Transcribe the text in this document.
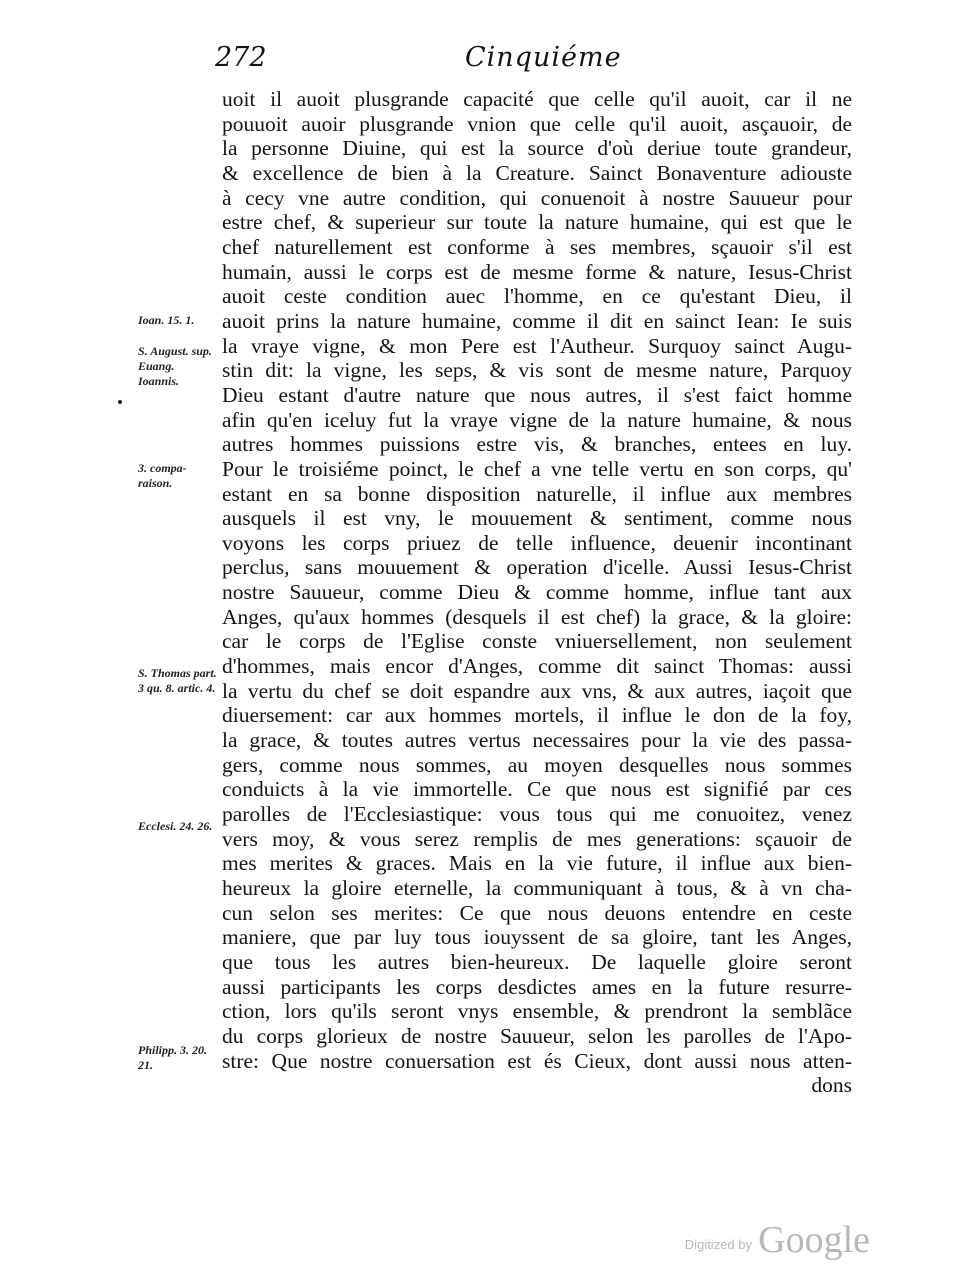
272	Cinquiéme
Ioan. 15. 1.
S. August. sup. Euang. Ioannis.
3. compa-raison.
S. Thomas part. 3 qu. 8. artic. 4.
Ecclesi. 24. 26.
Philipp. 3. 20. 21.
uoit il auoit plusgrande capacité que celle qu'il auoit, car il ne
pouuoit auoir plusgrande vnion que celle qu'il auoit, asçauoir, de
la personne Diuine, qui est la source d'où deriue toute grandeur,
& excellence de bien à la Creature. Sainct Bonaventure adiouste
à cecy vne autre condition, qui conuenoit à nostre Sauueur pour
estre chef, & superieur sur toute la nature humaine, qui est que le
chef naturellement est conforme à ses membres, sçauoir s'il est
humain, aussi le corps est de mesme forme & nature, Iesus-Christ
auoit ceste condition auec l'homme, en ce qu'estant Dieu, il
auoit prins la nature humaine, comme il dit en sainct Iean: Ie suis
la vraye vigne, & mon Pere est l'Autheur. Surquoy sainct Augu-
stin dit: la vigne, les seps, & vis sont de mesme nature, Parquoy
Dieu estant d'autre nature que nous autres, il s'est faict homme
afin qu'en iceluy fut la vraye vigne de la nature humaine, & nous
autres hommes puissions estre vis, & branches, entees en luy.
Pour le troisiéme poinct, le chef a vne telle vertu en son corps, qu'
estant en sa bonne disposition naturelle, il influe aux membres
ausquels il est vny, le mouuement & sentiment, comme nous
voyons les corps priuez de telle influence, deuenir incontinant
perclus, sans mouuement & operation d'icelle. Aussi Iesus-Christ
nostre Sauueur, comme Dieu & comme homme, influe tant aux
Anges, qu'aux hommes (desquels il est chef) la grace, & la gloire:
car le corps de l'Eglise conste vniuersellement, non seulement
d'hommes, mais encor d'Anges, comme dit sainct Thomas: aussi
la vertu du chef se doit espandre aux vns, & aux autres, iaçoit que
diuersement: car aux hommes mortels, il influe le don de la foy,
la grace, & toutes autres vertus necessaires pour la vie des passa-
gers, comme nous sommes, au moyen desquelles nous sommes
conduicts à la vie immortelle. Ce que nous est signifié par ces
parolles de l'Ecclesiastique: vous tous qui me conuoitez, venez
vers moy, & vous serez remplis de mes generations: sçauoir de
mes merites & graces. Mais en la vie future, il influe aux bien-
heureux la gloire eternelle, la communiquant à tous, & à vn cha-
cun selon ses merites: Ce que nous deuons entendre en ceste
maniere, que par luy tous iouyssent de sa gloire, tant les Anges,
que tous les autres bien-heureux. De laquelle gloire seront
aussi participants les corps desdictes ames en la future resurre-
ction, lors qu'ils seront vnys ensemble, & prendront la semblãce
du corps glorieux de nostre Sauueur, selon les parolles de l'Apo-
stre: Que nostre conuersation est és Cieux, dont aussi nous atten-
dons
Digitized by Google
